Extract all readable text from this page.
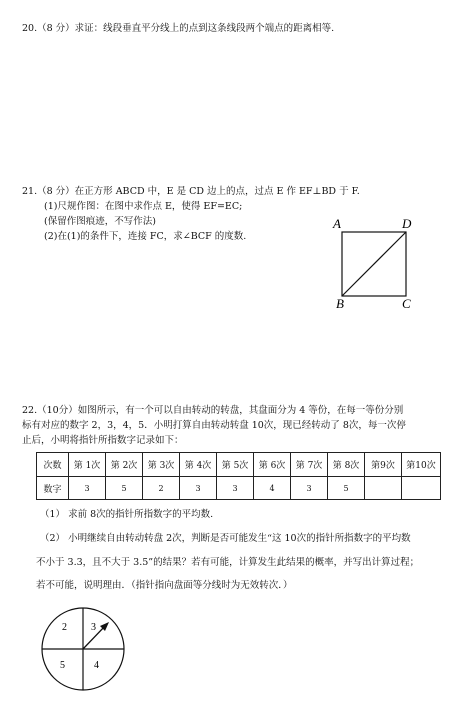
20.（8 分）求证：线段垂直平分线上的点到这条线段两个端点的距离相等.
21.（8 分）在正方形 ABCD 中，E 是 CD 边上的点，过点 E 作 EF⊥BD 于 F.
(1)尺规作图：在图中求作点 E，使得 EF=EC;
(保留作图痕迹，不写作法)
(2)在(1)的条件下，连接 FC，求∠BCF 的度数.
A	D
B	C
22.（10分）如图所示，有一个可以自由转动的转盘，其盘面分为 4 等份，在每一等份分别
标有对应的数字 2，3，4，5．小明打算自由转动转盘 10次，现已经转动了 8次，每一次停
止后，小明将指针所指数字记录如下：
次数	第 1次	第 2次	第 3次	第 4次	第 5次	第 6次	第 7次	第 8次	第9次	第10次
数字	3	5	2	3	3	4	3	5		
（1） 求前 8次的指针所指数字的平均数.
（2） 小明继续自由转动转盘 2次，判断是否可能发生“这 10次的指针所指数字的平均数
不小于 3.3，且不大于 3.5”的结果？若有可能，计算发生此结果的概率，并写出计算过程；
若不可能，说明理由．（指针指向盘面等分线时为无效转次．）
2 3
5	4
